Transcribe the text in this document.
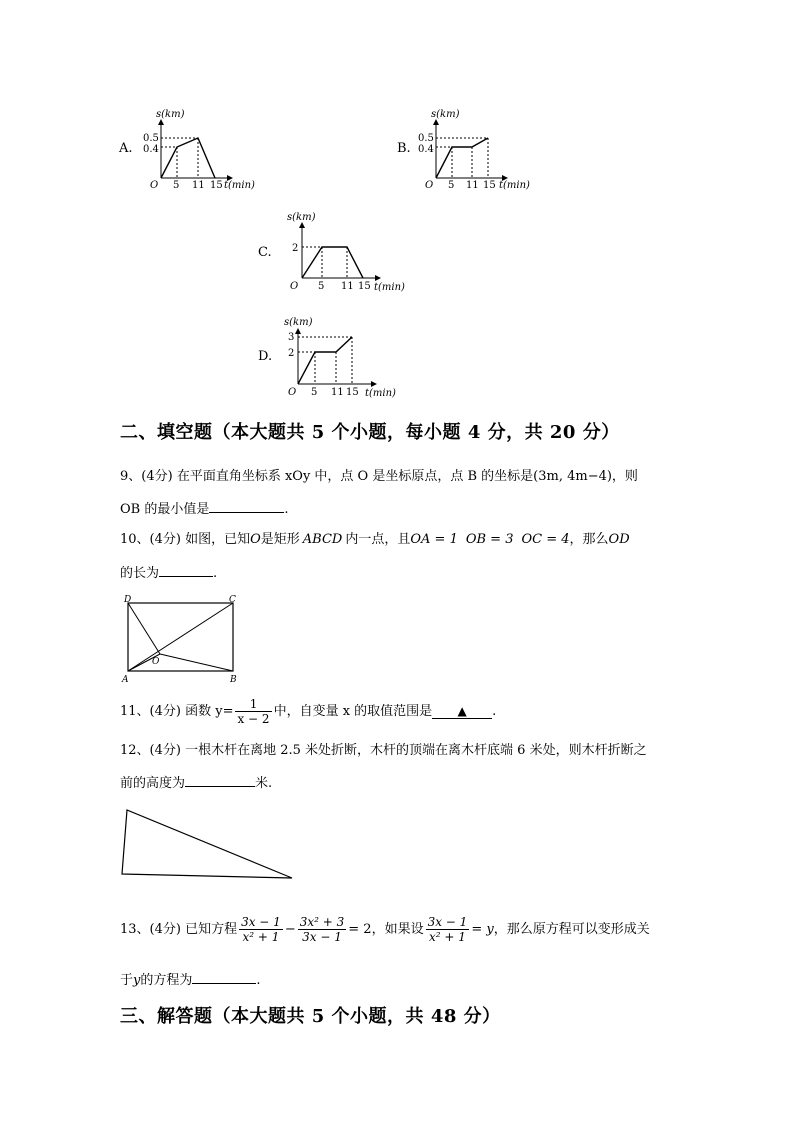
A.
s(km)
t(min)
O
0.5
0.4
5 11 15
B.
s(km)
t(min)
O
0.5
0.4
5 11 15
C.
s(km)
t(min)
O
2
5 11 15
D.
s(km)
t(min)
O
3
2
5 11 15
二、填空题（本大题共 5 个小题，每小题 4 分，共 20 分）
9、(4分) 在平面直角坐标系 xOy 中，点 O 是坐标原点，点 B 的坐标是(3m, 4m−4)，则
OB 的最小值是	.
10、(4分) 如图，已知O是矩形 ABCD 内一点，且OA = 1 OB = 3 OC = 4，那么OD
的长为	.
D	C
A	B
O
11、(4分) 函数 $y= \frac{1}{x - 2}$ 中，自变量 x 的取值范围是 ▲ .
12、(4分) 一根木杆在离地 2.5 米处折断，木杆的顶端在离木杆底端 6 米处，则木杆折断之
前的高度为	米.
13、(4分) 已知方程 $\frac{3x - 1}{\text{x² + 1}} - \frac{\text{3x² + 3}}{3x - 1} = 2$，如果设 $\frac{3x - 1}{\text{x² + 1}} = y$，那么原方程可以变形成关
于y的方程为	.
三、解答题（本大题共 5 个小题，共 48 分）
